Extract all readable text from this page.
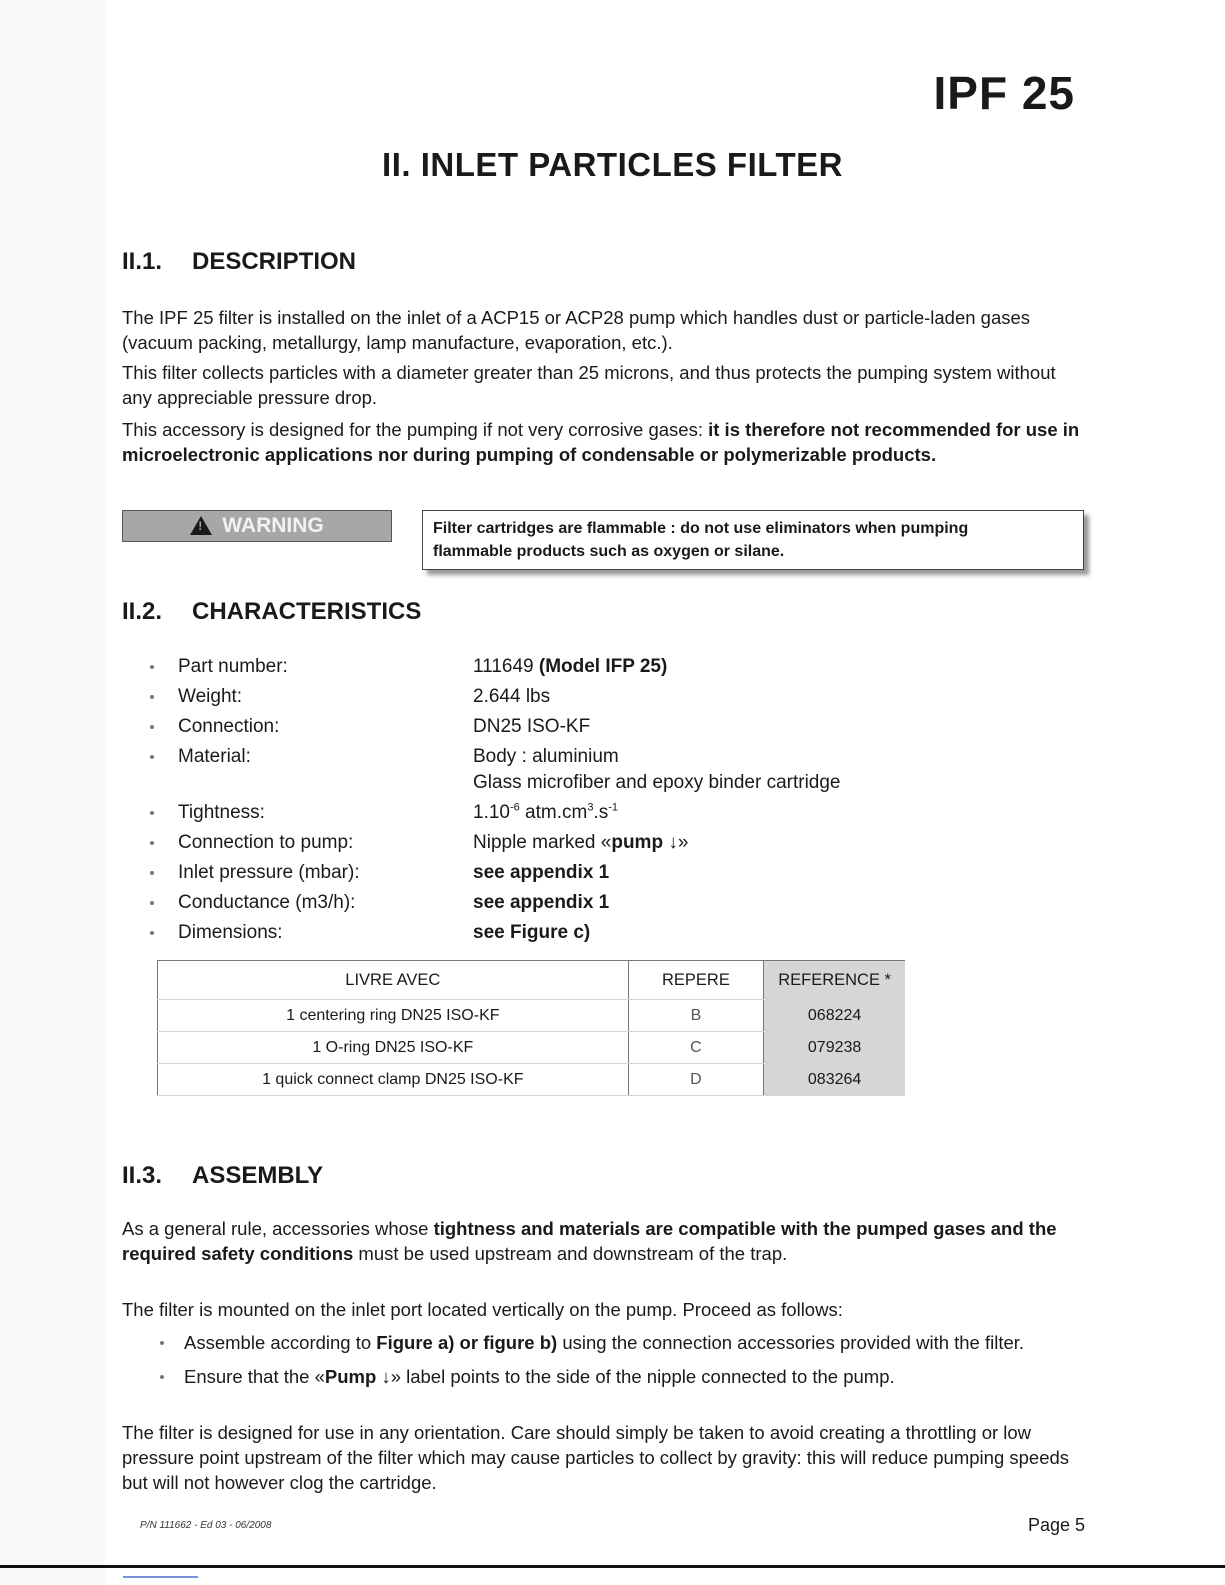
IPF 25
II. INLET PARTICLES FILTER
II.1. DESCRIPTION

The IPF 25 filter is installed on the inlet of a ACP15 or ACP28 pump which handles dust or particle-laden gases (vacuum packing, metallurgy, lamp manufacture, evaporation, etc.).

This filter collects particles with a diameter greater than 25 microns, and thus protects the pumping system without any appreciable pressure drop.

This accessory is designed for the pumping if not very corrosive gases: it is therefore not recommended for use in microelectronic applications nor during pumping of condensable or polymerizable products.

!
WARNING	Filter cartridges are flammable : do not use eliminators when pumping
flammable products such as oxygen or silane.
II.2. CHARACTERISTICS
Part number:	111649 (Model IFP 25)
Weight:	2.644 lbs
Connection:	DN25 ISO-KF
Material:	Body : aluminium
Glass microfiber and epoxy binder cartridge
Tightness:	$1.10^{-6}$ $atm.cm^3.s^{-1}$
Connection to pump:	Nipple marked «pump ↓»
Inlet pressure (mbar):	see appendix 1
Conductance (m3/h):	see appendix 1
Dimensions:	see Figure c)
LIVRE AVEC	REPERE	REFERENCE *
1 centering ring DN25 ISO-KF	B	068224
1 O-ring DN25 ISO-KF	C	079238
1 quick connect clamp DN25 ISO-KF	D	083264
II.3. ASSEMBLY

As a general rule, accessories whose tightness and materials are compatible with the pumped gases and the required safety conditions must be used upstream and downstream of the trap.

The filter is mounted on the inlet port located vertically on the pump. Proceed as follows:

Assemble according to Figure a) or figure b) using the connection accessories provided with the filter.
Ensure that the «Pump ↓» label points to the side of the nipple connected to the pump.

The filter is designed for use in any orientation. Care should simply be taken to avoid creating a throttling or low pressure point upstream of the filter which may cause particles to collect by gravity: this will reduce pumping speeds but will not however clog the cartridge.

P/N 111662 - Ed 03 - 06/2008	Page 5
